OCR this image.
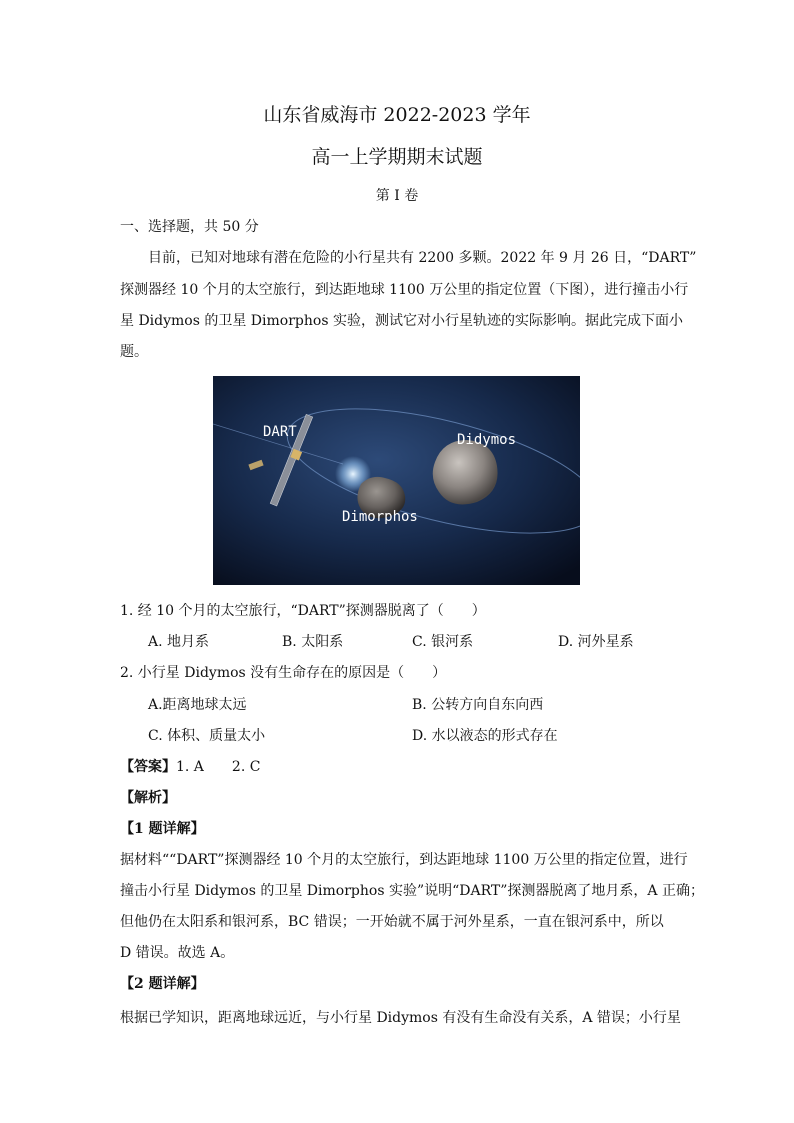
山东省威海市 2022-2023 学年
高一上学期期末试题
第 I 卷
一、选择题，共 50 分
目前，已知对地球有潜在危险的小行星共有 2200 多颗。2022 年 9 月 26 日，“DART”
探测器经 10 个月的太空旅行，到达距地球 1100 万公里的指定位置（下图），进行撞击小行
星 Didymos 的卫星 Dimorphos 实验，测试它对小行星轨迹的实际影响。据此完成下面小
题。
DART	Didymos
Dimorphos
1. 经 10 个月的太空旅行，“DART”探测器脱离了（　　）
A. 地月系	B. 太阳系	C. 银河系	D. 河外星系
2. 小行星 Didymos 没有生命存在的原因是（　　）
A.距离地球太远	B. 公转方向自东向西
C. 体积、质量太小	D. 水以液态的形式存在
【答案】1. A　　2. C
【解析】
【1 题详解】
据材料““DART”探测器经 10 个月的太空旅行，到达距地球 1100 万公里的指定位置，进行
撞击小行星 Didymos 的卫星 Dimorphos 实验”说明“DART”探测器脱离了地月系，A 正确；
但他仍在太阳系和银河系，BC 错误；一开始就不属于河外星系，一直在银河系中，所以
D 错误。故选 A。
【2 题详解】
根据已学知识，距离地球远近，与小行星 Didymos 有没有生命没有关系，A 错误；小行星
